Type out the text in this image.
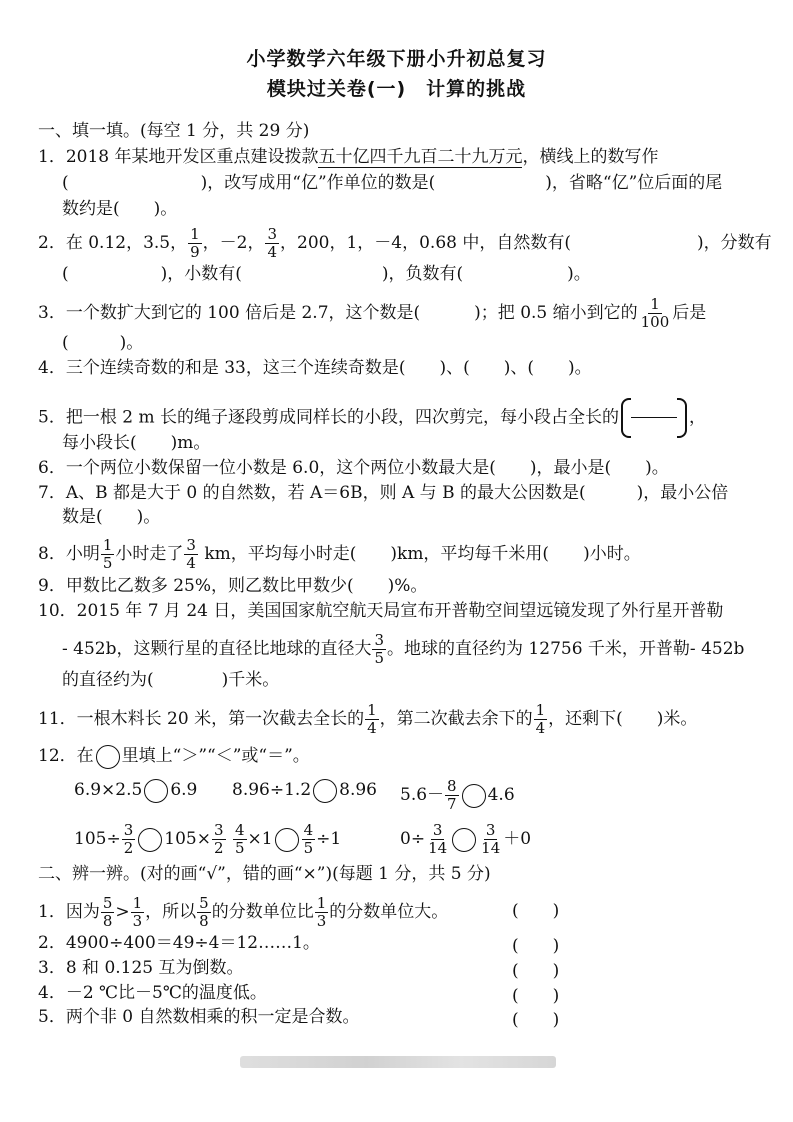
小学数学六年级下册小升初总复习
模块过关卷(一)　计算的挑战
一、填一填。(每空 1 分，共 29 分)
1．2018 年某地开发区重点建设拨款五十亿四千九百二十九万元，横线上的数写作
(	)，改写成用“亿”作单位的数是(	)，省略“亿”位后面的尾
数约是(　　)。
2．在 0.12，3.5， $\frac{1}{9}$ ，－2， $\frac{3}{4}$ ，200，1，－4，0.68 中，自然数有(	)，分数有
(	)，小数有(	)，负数有(	)。
3．一个数扩大到它的 100 倍后是 2.7，这个数是(	)；把 0.5 缩小到它的 $\frac{1}{100}$ 后是
(　　　)。
4．三个连续奇数的和是 33，这三个连续奇数是(　　)、(　　)、(　　)。
5．把一根 2 m 长的绳子逐段剪成同样长的小段，四次剪完，每小段占全长的	，
每小段长(　　)m。
6．一个两位小数保留一位小数是 6.0，这个两位小数最大是(　　)，最小是(　　)。
7．A、B 都是大于 0 的自然数，若 A＝6B，则 A 与 B 的最大公因数是(　　　)，最小公倍
数是(　　)。
8．小明 $\frac{1}{5}$ 小时走了 $\frac{3}{4}$ km，平均每小时走(　　)km，平均每千米用(　　)小时。
9．甲数比乙数多 25%，则乙数比甲数少(　　)%。
10．2015 年 7 月 24 日，美国国家航空航天局宣布开普勒空间望远镜发现了外行星开普勒
- 452b，这颗行星的直径比地球的直径大 $\frac{3}{5}$ 。地球的直径约为 12756 千米，开普勒- 452b
的直径约为(　　　　)千米。
11．一根木料长 20 米，第一次截去全长的 $\frac{1}{4}$ ，第二次截去余下的 $\frac{1}{4}$ ，还剩下(　　)米。
12．在 里填上“＞”“＜”或“＝”。
6.9×2.5 6.9 8.96÷1.2 8.96 $5.6- \frac{8}{7} 4.6$
$105\div \frac{3}{2} 105\times \frac{3}{2} \frac{4}{5} \times 1 \frac{4}{5} \div 1$	$0\div \frac{3}{14} \frac{3}{14} +0$
二、辨一辨。(对的画“√”，错的画“×”)(每题 1 分，共 5 分)
1．因为 $\frac{5}{8} > \frac{1}{3}$ ，所以 $\frac{5}{8}$ 的分数单位比 $\frac{1}{3}$ 的分数单位大。	(　　)
2．4900÷400＝49÷4＝12……1。	(　　)
3．8 和 0.125 互为倒数。	(　　)
4．－2 ℃比－5℃的温度低。	(　　)
5．两个非 0 自然数相乘的积一定是合数。	(　　)
